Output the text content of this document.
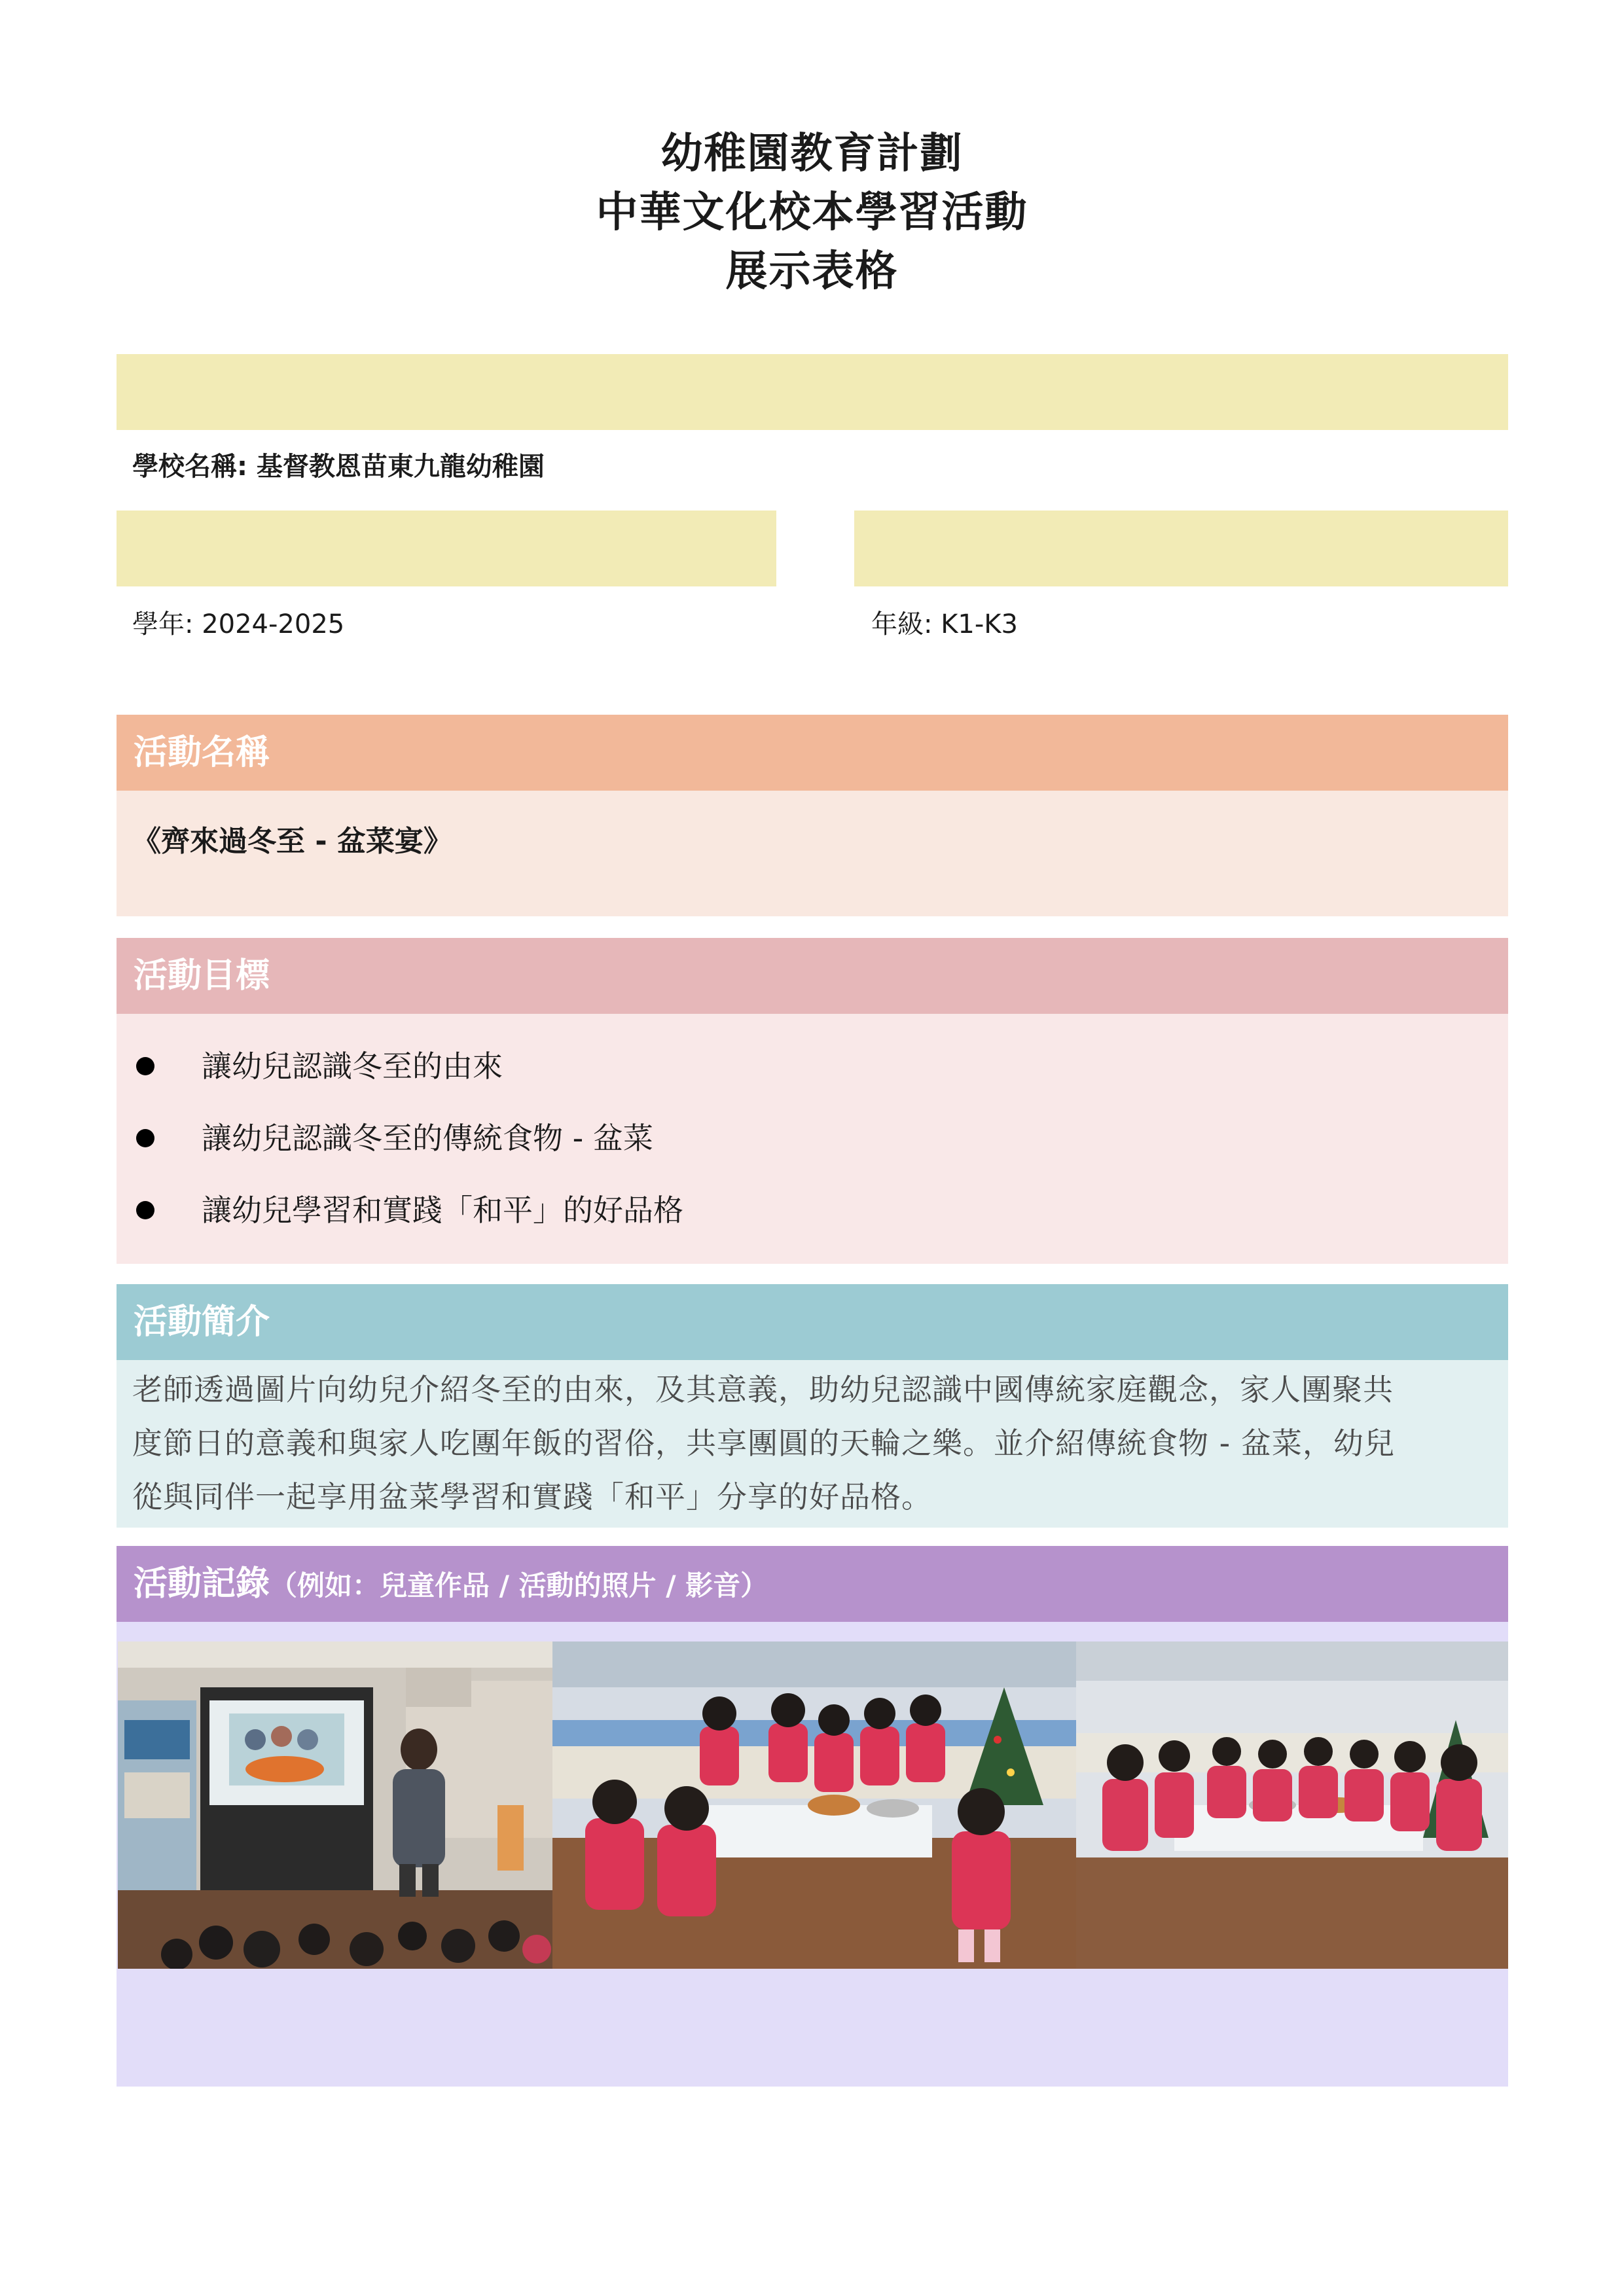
幼稚園教育計劃
中華文化校本學習活動
展示表格
學校名稱: 基督教恩苗東九龍幼稚園
學年: 2024-2025	年級: K1-K3
活動名稱
《齊來過冬至 - 盆菜宴》
活動目標
讓幼兒認識冬至的由來
讓幼兒認識冬至的傳統食物 - 盆菜
讓幼兒學習和實踐「和平」的好品格
活動簡介
老師透過圖片向幼兒介紹冬至的由來，及其意義，助幼兒認識中國傳統家庭觀念，家人團聚共
度節日的意義和與家人吃團年飯的習俗，共享團圓的天輪之樂。並介紹傳統食物 - 盆菜，幼兒
從與同伴一起享用盆菜學習和實踐「和平」分享的好品格。
活動記錄（例如：兒童作品 / 活動的照片 / 影音）
